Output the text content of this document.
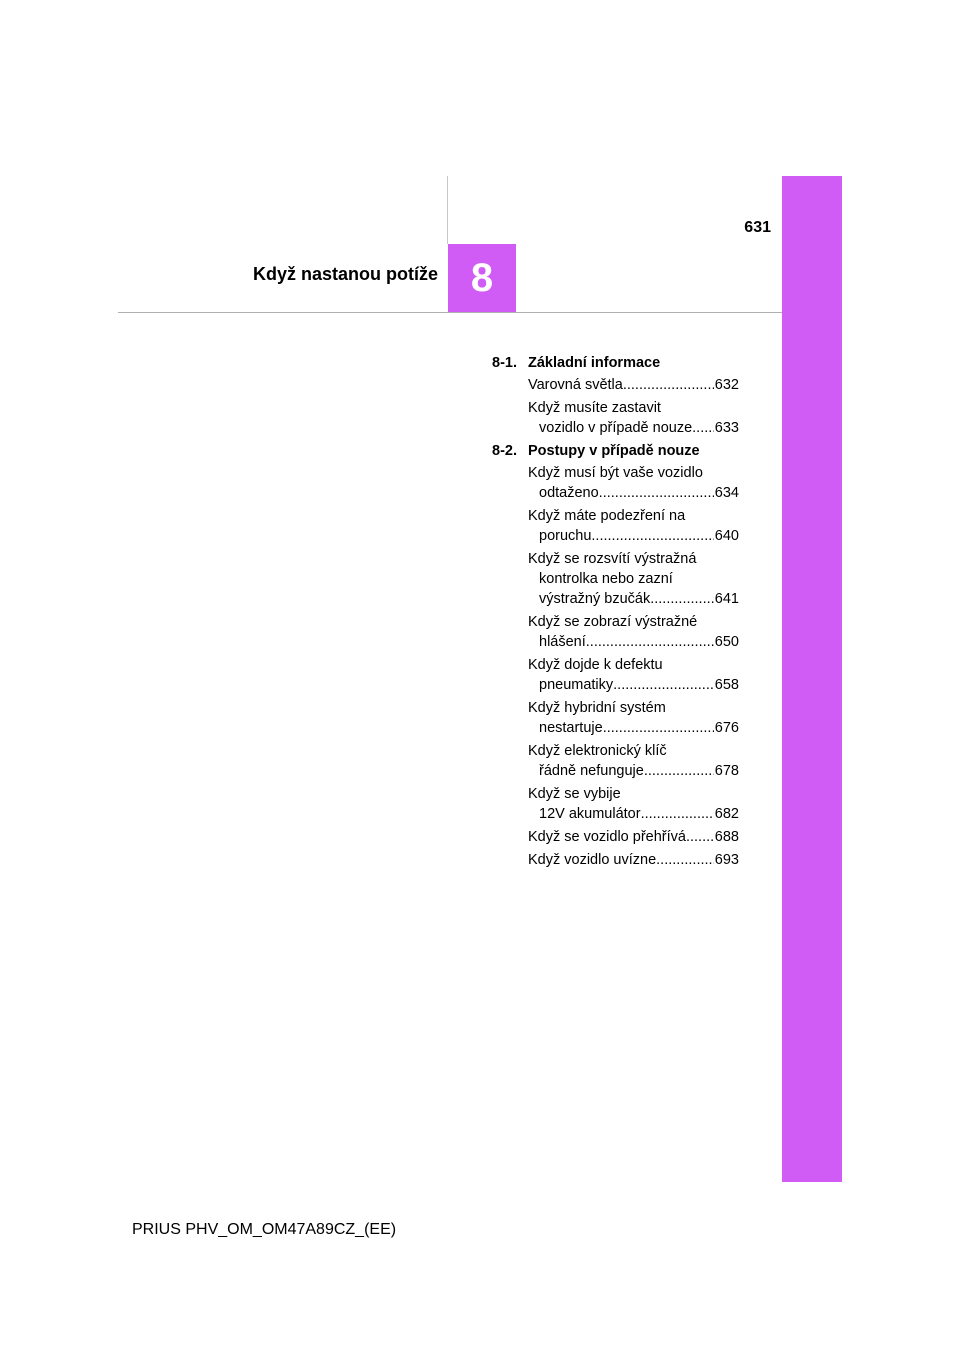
631
Když nastanou potíže 8
8-1. Základní informace
Varovná světla .....	632
Když musíte zastavit
vozidlo v případě nouze ..... 633
8-2. Postupy v případě nouze
Když musí být vaše vozidlo
odtaženo .....	634
Když máte podezření na
poruchu .....	640
Když se rozsvítí výstražná
kontrolka nebo zazní
výstražný bzučák .....	641
Když se zobrazí výstražné
hlášení .....	650
Když dojde k defektu
pneumatiky .....	658
Když hybridní systém
nestartuje .....	676
Když elektronický klíč
řádně nefunguje .....	678
Když se vybije
12V akumulátor .....	682
Když se vozidlo přehřívá ..... 688
Když vozidlo uvízne .....	693
PRIUS PHV_OM_OM47A89CZ_(EE)
